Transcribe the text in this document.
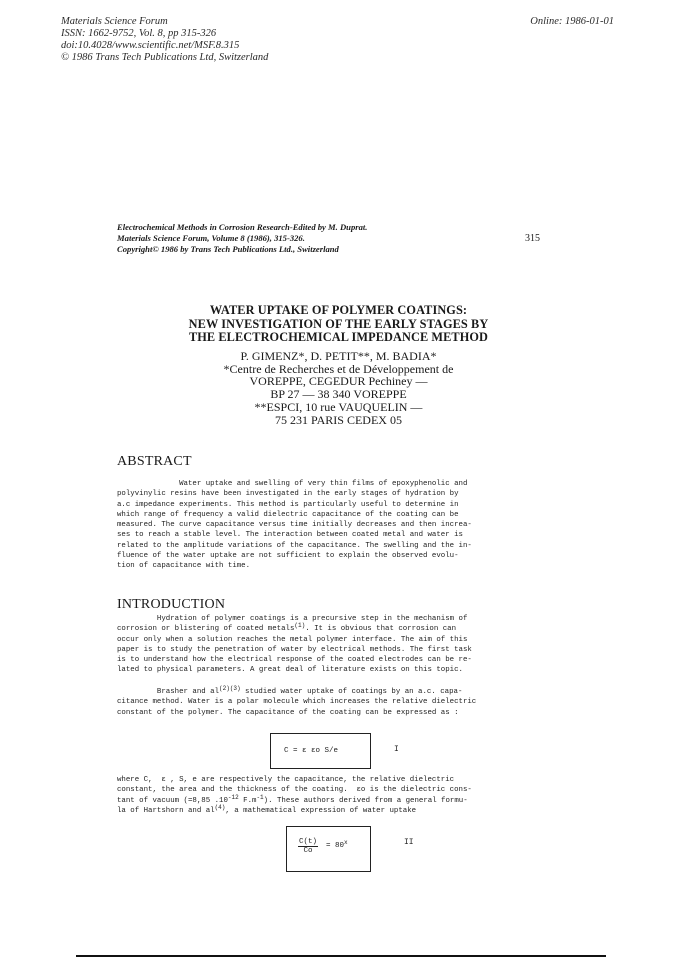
Materials Science Forum
ISSN: 1662-9752, Vol. 8, pp 315-326
doi:10.4028/www.scientific.net/MSF.8.315
© 1986 Trans Tech Publications Ltd, Switzerland
Online: 1986-01-01
Electrochemical Methods in Corrosion Research-Edited by M. Duprat.
Materials Science Forum, Volume 8 (1986), 315-326.
Copyright© 1986 by Trans Tech Publications Ltd., Switzerland
315
WATER UPTAKE OF POLYMER COATINGS:
NEW INVESTIGATION OF THE EARLY STAGES BY
THE ELECTROCHEMICAL IMPEDANCE METHOD
P. GIMENZ*, D. PETIT**, M. BADIA*
*Centre de Recherches et de Développement de
VOREPPE, CEGEDUR Pechiney —
BP 27 — 38 340 VOREPPE
**ESPCI, 10 rue VAUQUELIN —
75 231 PARIS CEDEX 05
ABSTRACT
Water uptake and swelling of very thin films of epoxyphenolic and
polyvinylic resins have been investigated in the early stages of hydration by
a.c impedance experiments. This method is particularly useful to determine in
which range of frequency a valid dielectric capacitance of the coating can be
measured. The curve capacitance versus time initially decreases and then increa-
ses to reach a stable level. The interaction between coated metal and water is
related to the amplitude variations of the capacitance. The swelling and the in-
fluence of the water uptake are not sufficient to explain the observed evolu-
tion of capacitance with time.
INTRODUCTION
Hydration of polymer coatings is a precursive step in the mechanism of
corrosion or blistering of coated metals$^{(1)}$. It is obvious that corrosion can
occur only when a solution reaches the metal polymer interface. The aim of this
paper is to study the penetration of water by electrical methods. The first task
is to understand how the electrical response of the coated electrodes can be re-
lated to physical parameters. A great deal of literature exists on this topic.
Brasher and $al^{(2)(3)}$ studied water uptake of coatings by an a.c. capa-
citance method. Water is a polar molecule which increases the relative dielectric
constant of the polymer. The capacitance of the coating can be expressed as :
C = ε εo S/e	I
where C,  ε , S, e are respectively the capacitance, the relative dielectric
constant, the area and the thickness of the coating.  εo is the dielectric cons-
tant of vacuum (=8,85 $.10^{-12}$ $F.m^{-1}$). These authors derived from a general formu-
la of Hartshorn and $al^{(4)}$, a mathematical expression of water uptake
$\frac{C(t)}{Co} = 80^x$	II
